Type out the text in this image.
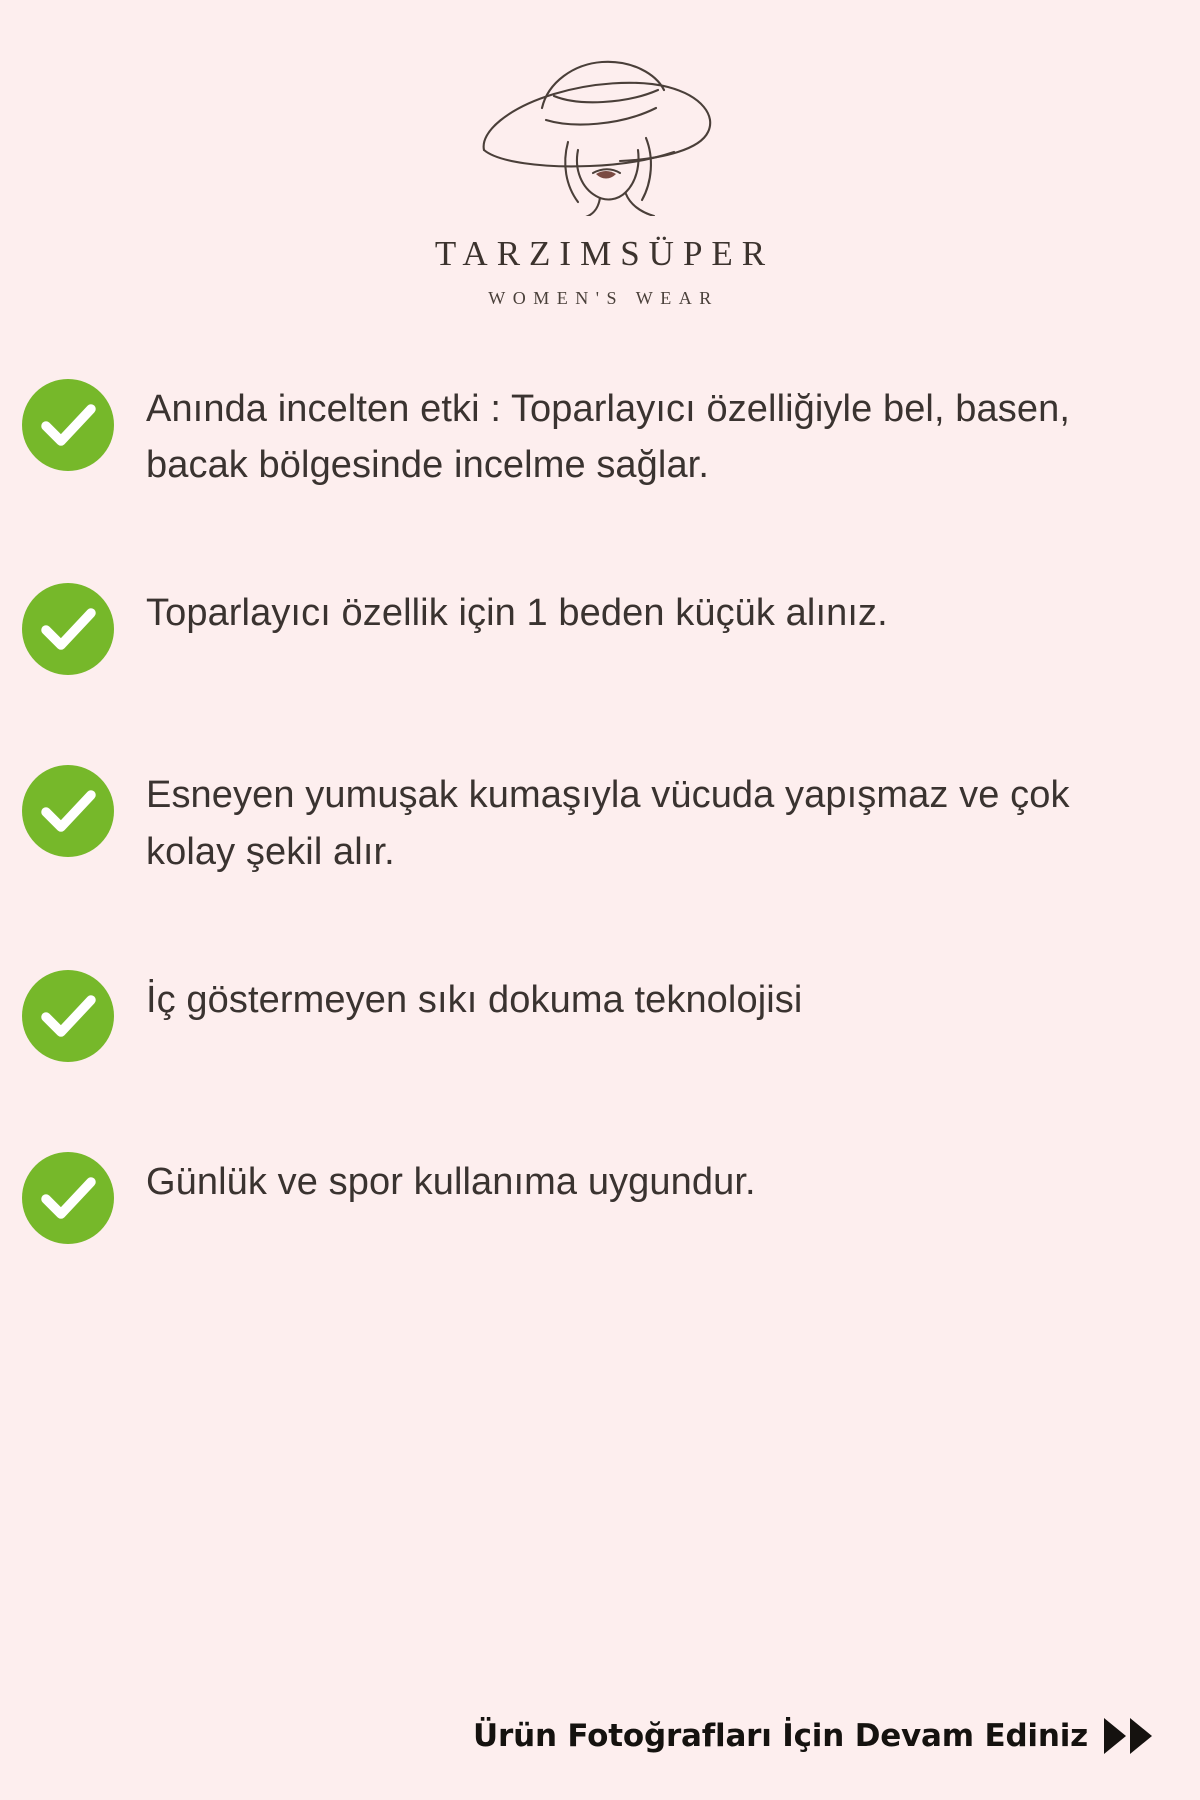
TARZIMSÜPER
WOMEN'S WEAR
Anında incelten etki : Toparlayıcı özelliğiyle bel, basen, bacak bölgesinde incelme sağlar.
Toparlayıcı özellik için 1 beden küçük alınız.
Esneyen yumuşak kumaşıyla vücuda yapışmaz ve çok kolay şekil alır.
İç göstermeyen sıkı dokuma teknolojisi
Günlük ve spor kullanıma uygundur.
Ürün Fotoğrafları İçin Devam Ediniz
